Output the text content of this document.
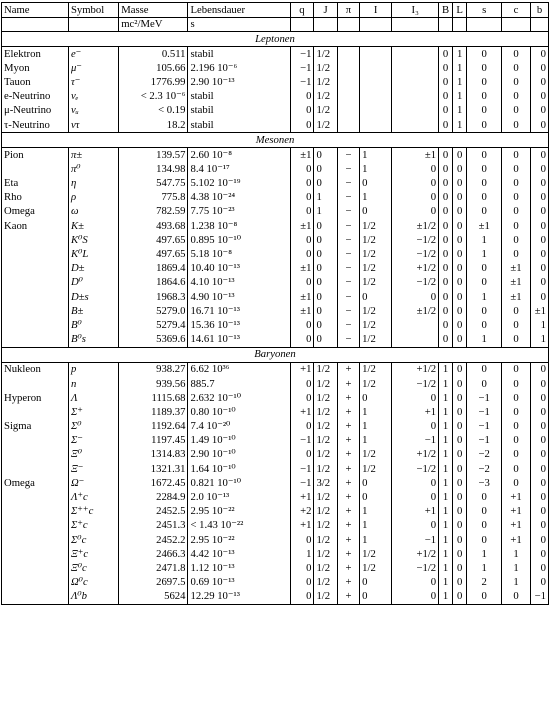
Name	Symbol	Masse	Lebensdauer	q	J	π	I	I₃	B	L	s	c	b
		mc²/MeV	s										
Leptonen													
Elektron	e⁻	0.511	stabil	−1	1/2				0	1	0	0	0
Myon	μ⁻	105.66	2.196 10⁻⁶	−1	1/2				0	1	0	0	0
Tauon	τ⁻	1776.99	2.90 10⁻¹³	−1	1/2				0	1	0	0	0
e-Neutrino	νₑ	< 2.3 10⁻⁶	stabil	0	1/2				0	1	0	0	0
μ-Neutrino	νᵤ	< 0.19	stabil	0	1/2				0	1	0	0	0
τ-Neutrino	ντ	18.2	stabil	0	1/2				0	1	0	0	0
Mesonen													
Pion	π±	139.57	2.60 10⁻⁸	±1	0	−	1	±1	0	0	0	0	0
	π⁰	134.98	8.4 10⁻¹⁷	0	0	−	1	0	0	0	0	0	0
Eta	η	547.75	5.102 10⁻¹⁹	0	0	−	0	0	0	0	0	0	0
Rho	ρ	775.8	4.38 10⁻²⁴	0	1	−	1	0	0	0	0	0	0
Omega	ω	782.59	7.75 10⁻²³	0	1	−	0	0	0	0	0	0	0
Kaon	K±	493.68	1.238 10⁻⁸	±1	0	−	1/2	±1/2	0	0	±1	0	0
	K⁰S	497.65	0.895 10⁻¹⁰	0	0	−	1/2	−1/2	0	0	1	0	0
	K⁰L	497.65	5.18 10⁻⁸	0	0	−	1/2	−1/2	0	0	1	0	0
	D±	1869.4	10.40 10⁻¹³	±1	0	−	1/2	+1/2	0	0	0	±1	0
	D⁰	1864.6	4.10 10⁻¹³	0	0	−	1/2	−1/2	0	0	0	±1	0
	D±s	1968.3	4.90 10⁻¹³	±1	0	−	0	0	0	0	1	±1	0
	B±	5279.0	16.71 10⁻¹³	±1	0	−	1/2	±1/2	0	0	0	0	±1
	B⁰	5279.4	15.36 10⁻¹³	0	0	−	1/2		0	0	0	0	1
	B⁰s	5369.6	14.61 10⁻¹³	0	0	−	1/2		0	0	1	0	1
Baryonen													
Nukleon	p	938.27	6.62 10³⁶	+1	1/2	+	1/2	+1/2	1	0	0	0	0
	n	939.56	885.7	0	1/2	+	1/2	−1/2	1	0	0	0	0
Hyperon	Λ	1115.68	2.632 10⁻¹⁰	0	1/2	+	0	0	1	0	−1	0	0
	Σ⁺	1189.37	0.80 10⁻¹⁰	+1	1/2	+	1	+1	1	0	−1	0	0
Sigma	Σ⁰	1192.64	7.4 10⁻²⁰	0	1/2	+	1	0	1	0	−1	0	0
	Σ⁻	1197.45	1.49 10⁻¹⁰	−1	1/2	+	1	−1	1	0	−1	0	0
	Ξ⁰	1314.83	2.90 10⁻¹⁰	0	1/2	+	1/2	+1/2	1	0	−2	0	0
	Ξ⁻	1321.31	1.64 10⁻¹⁰	−1	1/2	+	1/2	−1/2	1	0	−2	0	0
Omega	Ω⁻	1672.45	0.821 10⁻¹⁰	−1	3/2	+	0	0	1	0	−3	0	0
	Λ⁺c	2284.9	2.0 10⁻¹³	+1	1/2	+	0	0	1	0	0	+1	0
	Σ⁺⁺c	2452.5	2.95 10⁻²²	+2	1/2	+	1	+1	1	0	0	+1	0
	Σ⁺c	2451.3	< 1.43 10⁻²²	+1	1/2	+	1	0	1	0	0	+1	0
	Σ⁰c	2452.2	2.95 10⁻²²	0	1/2	+	1	−1	1	0	0	+1	0
	Ξ⁺c	2466.3	4.42 10⁻¹³	1	1/2	+	1/2	+1/2	1	0	1	1	0
	Ξ⁰c	2471.8	1.12 10⁻¹³	0	1/2	+	1/2	−1/2	1	0	1	1	0
	Ω⁰c	2697.5	0.69 10⁻¹³	0	1/2	+	0	0	1	0	2	1	0
	Λ⁰b	5624	12.29 10⁻¹³	0	1/2	+	0	0	1	0	0	0	−1
